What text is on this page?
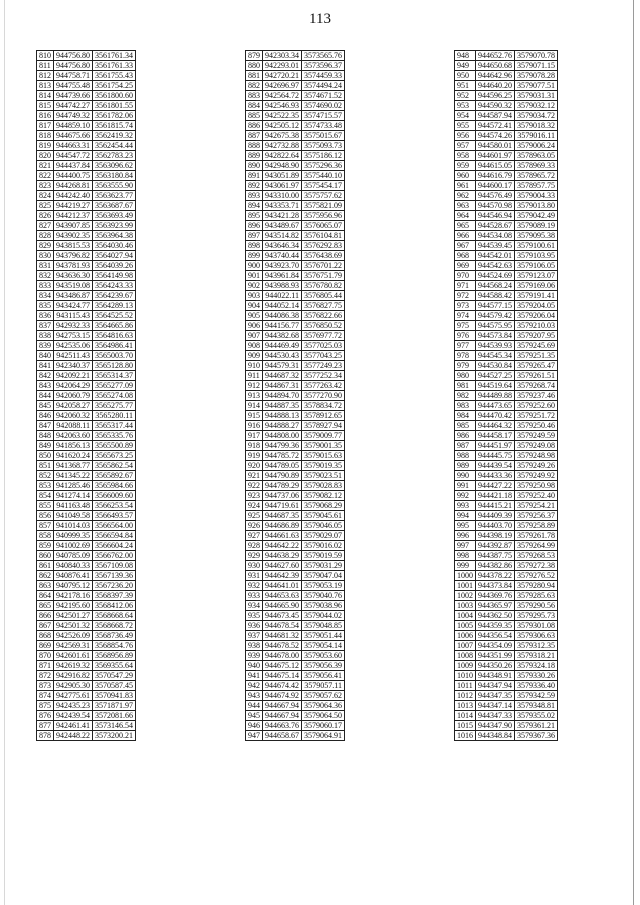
113
810	944756.80	3561761.34
811	944756.80	3561761.33
812	944758.71	3561755.43
813	944755.48	3561754.25
814	944739.66	3561800.60
815	944742.27	3561801.55
816	944749.32	3561782.06
817	944859.10	3561815.74
818	944675.66	3562419.32
819	944663.31	3562454.44
820	944547.72	3562783.23
821	944437.84	3563096.62
822	944400.75	3563180.84
823	944268.81	3563555.90
824	944242.40	3563623.77
825	944219.27	3563687.67
826	944212.37	3563693.49
827	943907.85	3563923.99
828	943902.35	3563964.38
829	943815.53	3564030.46
830	943796.82	3564027.94
831	943781.93	3564039.26
832	943636.30	3564149.98
833	943519.08	3564243.33
834	943486.87	3564239.67
835	943424.77	3564289.13
836	943115.43	3564525.52
837	942932.33	3564665.86
838	942753.15	3564816.63
839	942535.06	3564986.41
840	942511.43	3565003.70
841	942340.37	3565128.80
842	942092.21	3565314.37
843	942064.29	3565277.09
844	942060.79	3565274.08
845	942058.27	3565275.77
846	942060.32	3565280.11
847	942088.11	3565317.44
848	942063.60	3565335.76
849	941856.13	3565500.89
850	941620.24	3565673.25
851	941368.77	3565862.54
852	941345.22	3565892.67
853	941285.46	3565984.66
854	941274.14	3566009.60
855	941163.48	3566253.54
856	941049.58	3566493.57
857	941014.03	3566564.00
858	940999.35	3566594.84
859	941002.69	3566604.24
860	940785.09	3566762.00
861	940840.33	3567109.08
862	940876.41	3567139.36
863	940795.12	3567236.20
864	942178.16	3568397.39
865	942195.60	3568412.06
866	942501.27	3568668.64
867	942501.32	3568668.72
868	942526.09	3568736.49
869	942569.31	3568854.76
870	942601.61	3568956.89
871	942619.32	3569355.64
872	942916.82	3570547.29
873	942905.30	3570587.45
874	942775.61	3570941.83
875	942435.23	3571871.97
876	942439.54	3572081.66
877	942461.41	3573146.54
878	942448.22	3573200.21
879	942303.34	3573565.76
880	942293.01	3573596.37
881	942720.21	3574459.33
882	942696.97	3574494.24
883	942564.72	3574671.52
884	942546.93	3574690.02
885	942522.35	3574715.57
886	942505.12	3574733.48
887	942675.38	3575015.67
888	942732.88	3575093.73
889	942822.64	3575186.12
890	942948.90	3575296.36
891	943051.89	3575440.10
892	943061.97	3575454.17
893	943310.00	3575757.62
894	943353.71	3575821.09
895	943421.28	3575956.96
896	943489.67	3576065.07
897	943514.82	3576104.81
898	943646.34	3576292.83
899	943740.44	3576438.69
900	943923.70	3576701.22
901	943961.84	3576751.79
902	943988.93	3576780.82
903	944022.11	3576805.44
904	944052.14	3576827.75
905	944086.38	3576822.66
906	944156.77	3576850.52
907	944382.68	3576977.72
908	944469.49	3577025.03
909	944530.43	3577043.25
910	944579.31	3577249.23
911	944687.32	3577252.34
912	944867.31	3577263.42
913	944894.70	3577270.90
914	944887.35	3578834.72
915	944888.13	3578912.65
916	944888.27	3578927.94
917	944808.00	3579009.77
918	944799.36	3579001.35
919	944785.72	3579015.63
920	944789.05	3579019.35
921	944790.89	3579023.51
922	944789.29	3579028.83
923	944737.06	3579082.12
924	944719.61	3579068.29
925	944687.35	3579045.61
926	944686.89	3579046.05
927	944661.63	3579029.07
928	944642.22	3579016.02
929	944638.29	3579019.59
930	944627.60	3579031.29
931	944642.39	3579047.04
932	944641.01	3579053.19
933	944653.63	3579040.76
934	944665.90	3579038.96
935	944673.45	3579044.02
936	944678.54	3579048.85
937	944681.32	3579051.44
938	944678.52	3579054.14
939	944678.00	3579053.60
940	944675.12	3579056.39
941	944675.14	3579056.41
942	944674.42	3579057.11
943	944674.92	3579057.62
944	944667.94	3579064.36
945	944667.94	3579064.50
946	944663.76	3579060.17
947	944658.67	3579064.91
948	944652.76	3579070.78
949	944650.68	3579071.15
950	944642.96	3579078.28
951	944640.20	3579077.51
952	944596.25	3579031.31
953	944590.32	3579032.12
954	944587.94	3579034.72
955	944572.41	3579018.32
956	944574.26	3579016.11
957	944580.01	3579006.24
958	944601.97	3578963.05
959	944615.05	3578969.33
960	944616.79	3578965.72
961	944600.17	3578957.75
962	944576.49	3579004.33
963	944570.98	3579013.80
964	944546.94	3579042.49
965	944528.67	3579089.19
966	944534.08	3579095.38
967	944539.45	3579100.61
968	944542.01	3579103.95
969	944542.63	3579106.05
970	944524.69	3579123.07
971	944568.24	3579169.06
972	944588.42	3579191.41
973	944577.15	3579204.05
974	944579.42	3579206.04
975	944575.95	3579210.03
976	944573.84	3579207.95
977	944539.93	3579245.69
978	944545.34	3579251.35
979	944530.84	3579265.47
980	944527.25	3579261.51
981	944519.64	3579268.74
982	944489.88	3579237.46
983	944473.65	3579252.60
984	944470.42	3579251.72
985	944464.32	3579250.46
986	944458.17	3579249.59
987	944451.97	3579249.08
988	944445.75	3579248.98
989	944439.54	3579249.26
990	944433.36	3579249.92
991	944427.22	3579250.98
992	944421.18	3579252.40
993	944415.21	3579254.21
994	944409.39	3579256.37
995	944403.70	3579258.89
996	944398.19	3579261.78
997	944392.87	3579264.99
998	944387.75	3579268.53
999	944382.86	3579272.38
1000	944378.22	3579276.52
1001	944373.84	3579280.94
1002	944369.76	3579285.63
1003	944365.97	3579290.56
1004	944362.50	3579295.73
1005	944359.35	3579301.08
1006	944356.54	3579306.63
1007	944354.09	3579312.35
1008	944351.99	3579318.21
1009	944350.26	3579324.18
1010	944348.91	3579330.26
1011	944347.94	3579336.40
1012	944347.35	3579342.59
1013	944347.14	3579348.81
1014	944347.33	3579355.02
1015	944347.90	3579361.21
1016	944348.84	3579367.36
